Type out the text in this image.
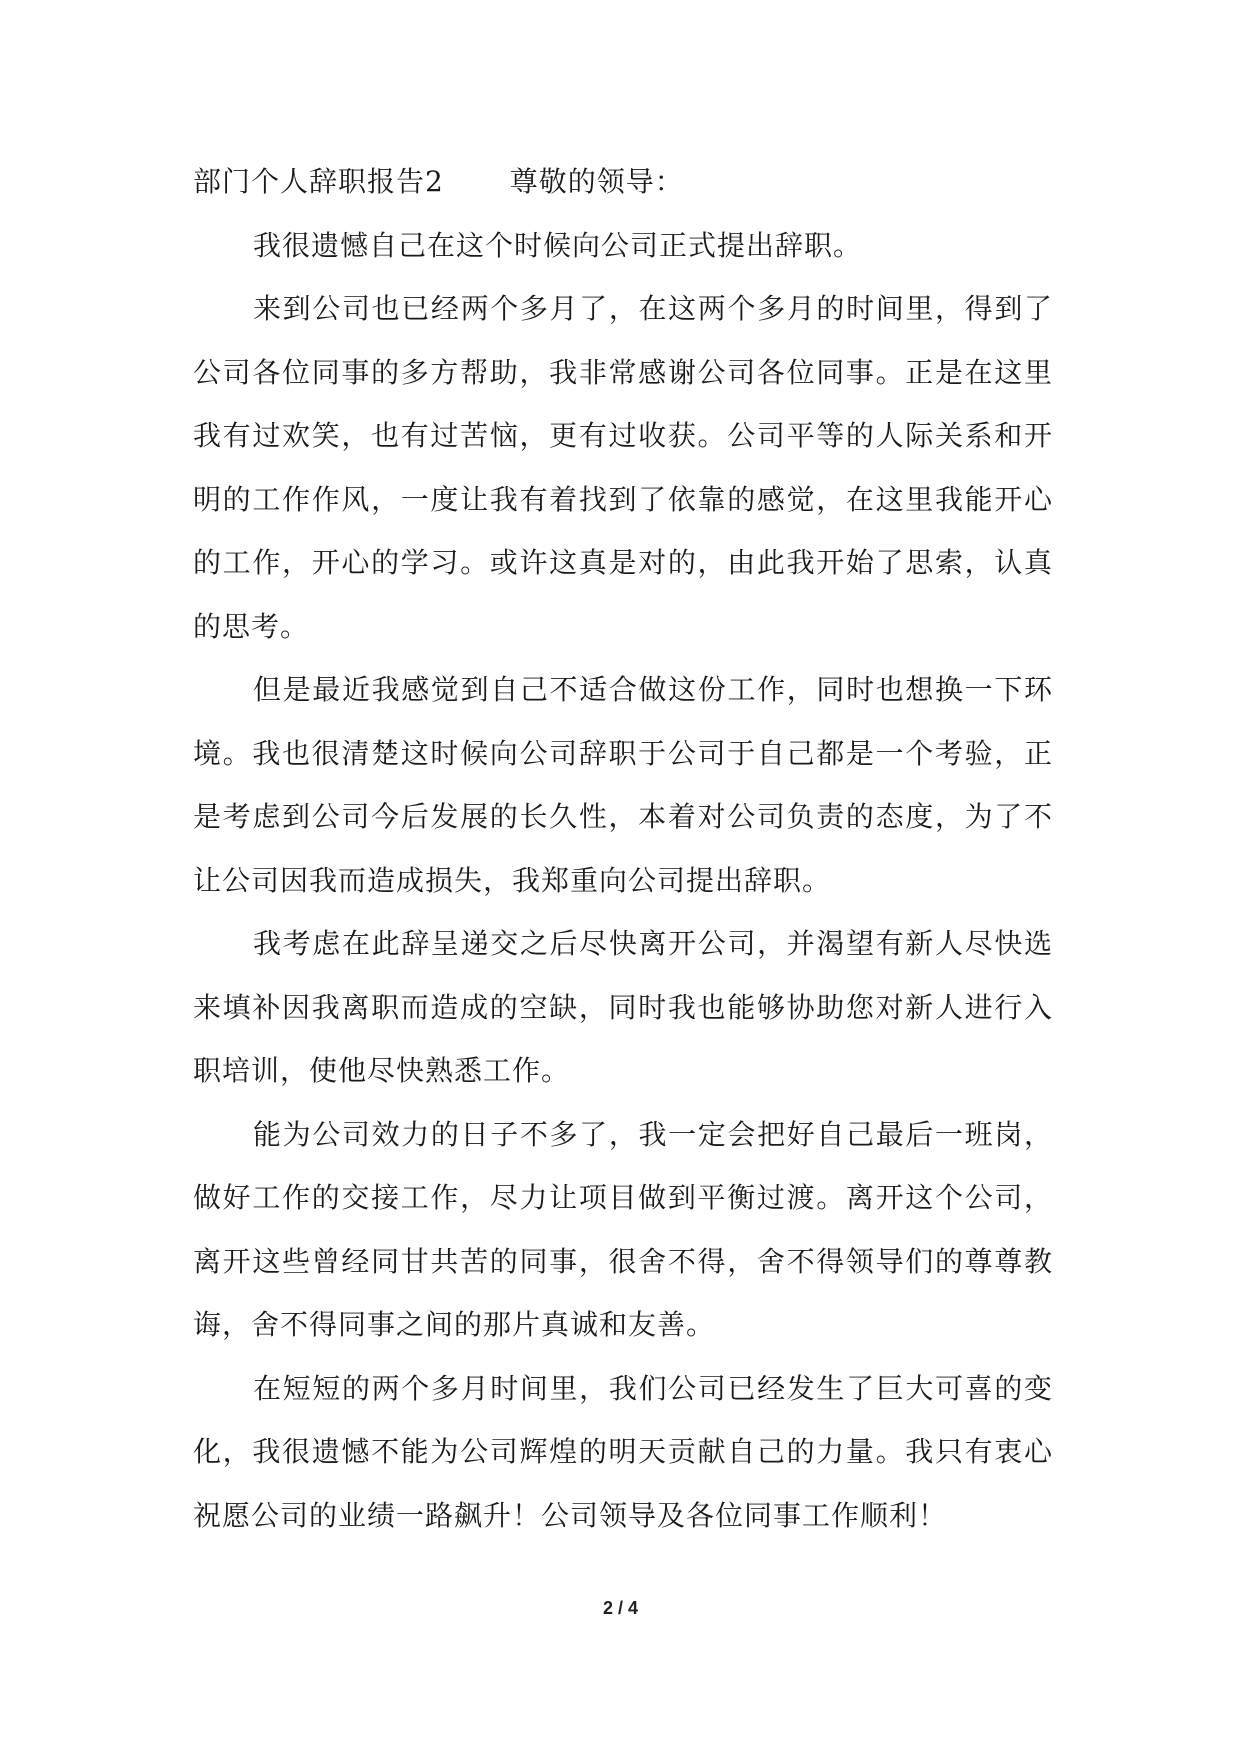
部门个人辞职报告2 尊敬的领导：

我很遗憾自己在这个时候向公司正式提出辞职。

来到公司也已经两个多月了，在这两个多月的时间里，得到了公司各位同事的多方帮助，我非常感谢公司各位同事。正是在这里我有过欢笑，也有过苦恼，更有过收获。公司平等的人际关系和开明的工作作风，一度让我有着找到了依靠的感觉，在这里我能开心的工作，开心的学习。或许这真是对的，由此我开始了思索，认真的思考。

但是最近我感觉到自己不适合做这份工作，同时也想换一下环境。我也很清楚这时候向公司辞职于公司于自己都是一个考验，正是考虑到公司今后发展的长久性，本着对公司负责的态度，为了不让公司因我而造成损失，我郑重向公司提出辞职。

我考虑在此辞呈递交之后尽快离开公司，并渴望有新人尽快选来填补因我离职而造成的空缺，同时我也能够协助您对新人进行入职培训，使他尽快熟悉工作。

能为公司效力的日子不多了，我一定会把好自己最后一班岗，做好工作的交接工作，尽力让项目做到平衡过渡。离开这个公司，离开这些曾经同甘共苦的同事，很舍不得，舍不得领导们的尊尊教诲，舍不得同事之间的那片真诚和友善。

在短短的两个多月时间里，我们公司已经发生了巨大可喜的变化，我很遗憾不能为公司辉煌的明天贡献自己的力量。我只有衷心祝愿公司的业绩一路飙升！公司领导及各位同事工作顺利！

2 / 4
